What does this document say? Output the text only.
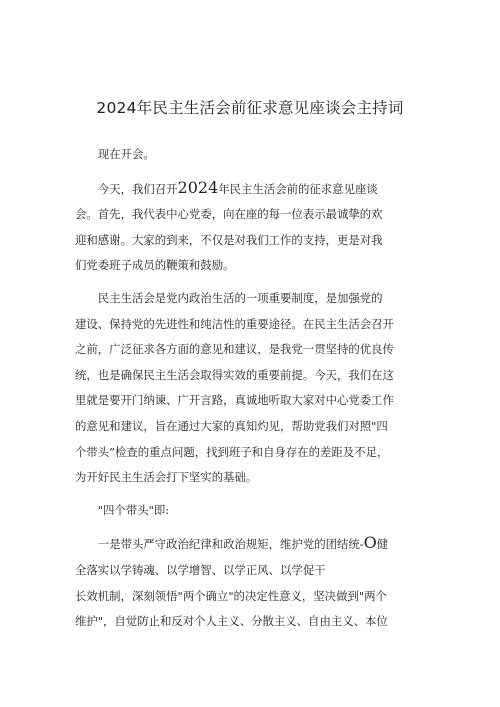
2024年民主生活会前征求意见座谈会主持词

现在开会。

今天，我们召开2024年民主生活会前的征求意见座谈
会。首先，我代表中心党委，向在座的每一位表示最诚挚的欢
迎和感谢。大家的到来，不仅是对我们工作的支持，更是对我
们党委班子成员的鞭策和鼓励。

民主生活会是党内政治生活的一项重要制度，是加强党的
建设、保持党的先进性和纯洁性的重要途径。在民主生活会召开
之前，广泛征求各方面的意见和建议，是我党一贯坚持的优良传
统，也是确保民主生活会取得实效的重要前提。今天，我们在这
里就是要开门纳谏、广开言路，真诚地听取大家对中心党委工作
的意见和建议，旨在通过大家的真知灼见，帮助党我们对照"四
个带头”检查的重点问题，找到班子和自身存在的差距及不足，
为开好民主生活会打下坚实的基础。

"四个带头"即:

一是带头严守政治纪律和政治规矩，维护党的团结统-O健
全落实以学铸魂、以学增智、以学正风、以学促干
长效机制，深刻领悟"两个确立"的决定性意义，坚决做到"两个
维护"，自觉防止和反对个人主义、分散主义、自由主义、本位
